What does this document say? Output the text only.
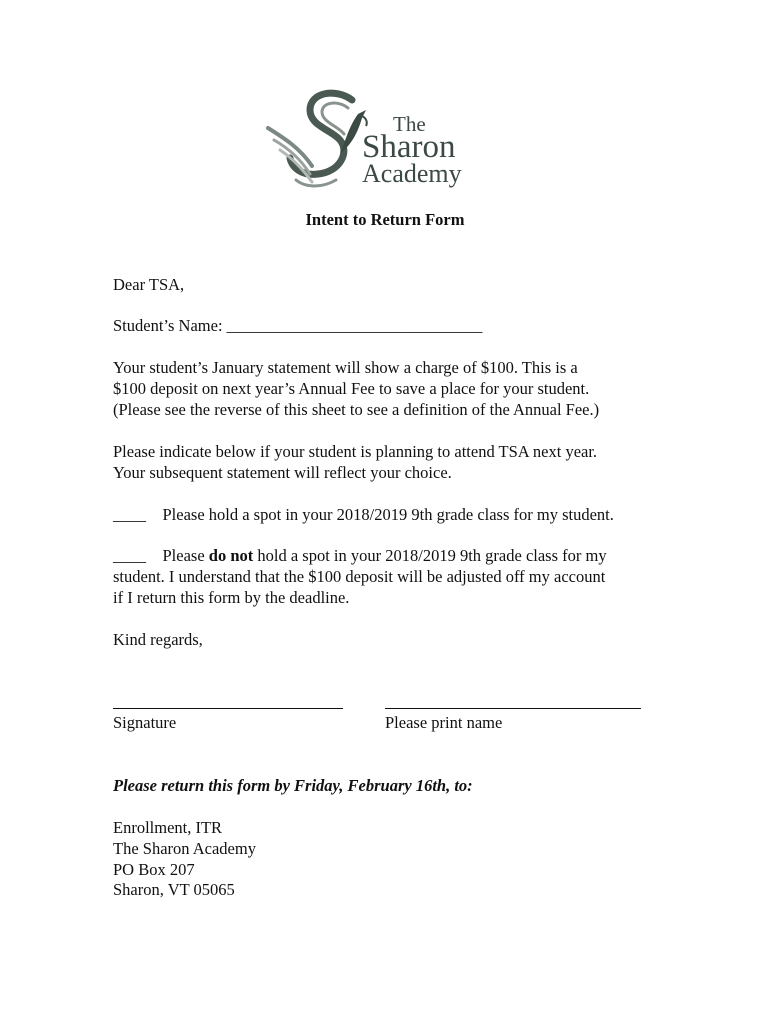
The
Sharon
Academy
Intent to Return Form
Dear TSA,
Student’s Name: _______________________________
Your student’s January statement will show a charge of $100. This is a
$100 deposit on next year’s Annual Fee to save a place for your student.
(Please see the reverse of this sheet to see a definition of the Annual Fee.)
Please indicate below if your student is planning to attend TSA next year.
Your subsequent statement will reflect your choice.
____ Please hold a spot in your 2018/2019 9th grade class for my student.
____ Please do not hold a spot in your 2018/2019 9th grade class for my
student. I understand that the $100 deposit will be adjusted off my account
if I return this form by the deadline.
Kind regards,
Signature	Please print name
Please return this form by Friday, February 16th, to:
Enrollment, ITR
The Sharon Academy
PO Box 207
Sharon, VT 05065
